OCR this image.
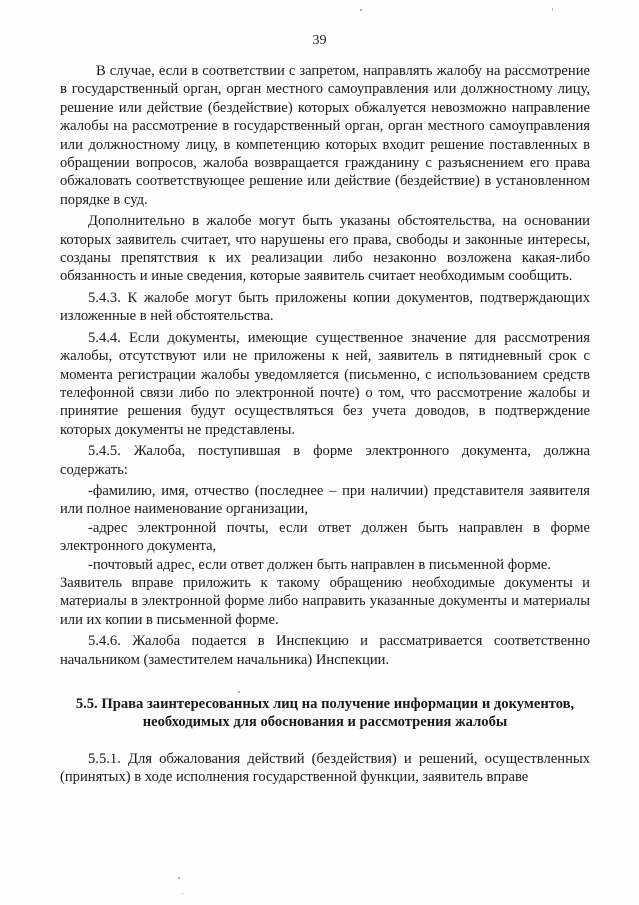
39

В случае, если в соответствии с запретом, направлять жалобу на рассмотрение в государственный орган, орган местного самоуправления или должностному лицу, решение или действие (бездействие) которых обжалуется невозможно направление жалобы на рассмотрение в государственный орган, орган местного самоуправления или должностному лицу, в компетенцию которых входит решение поставленных в обращении вопросов, жалоба возвращается гражданину с разъяснением его права обжаловать соответствующее решение или действие (бездействие) в установленном порядке в суд.

Дополнительно в жалобе могут быть указаны обстоятельства, на основании которых заявитель считает, что нарушены его права, свободы и законные интересы, созданы препятствия к их реализации либо незаконно возложена какая-либо обязанность и иные сведения, которые заявитель считает необходимым сообщить.

5.4.3. К жалобе могут быть приложены копии документов, подтверждающих изложенные в ней обстоятельства.

5.4.4. Если документы, имеющие существенное значение для рассмотрения жалобы, отсутствуют или не приложены к ней, заявитель в пятидневный срок с момента регистрации жалобы уведомляется (письменно, с использованием средств телефонной связи либо по электронной почте) о том, что рассмотрение жалобы и принятие решения будут осуществляться без учета доводов, в подтверждение которых документы не представлены.

5.4.5. Жалоба, поступившая в форме электронного документа, должна содержать:

-фамилию, имя, отчество (последнее – при наличии) представителя заявителя или полное наименование организации,

-адрес электронной почты, если ответ должен быть направлен в форме электронного документа,

-почтовый адрес, если ответ должен быть направлен в письменной форме.

Заявитель вправе приложить к такому обращению необходимые документы и материалы в электронной форме либо направить указанные документы и материалы или их копии в письменной форме.

5.4.6. Жалоба подается в Инспекцию и рассматривается соответственно начальником (заместителем начальника) Инспекции.

5.5. Права заинтересованных лиц на получение информации и документов,
необходимых для обоснования и рассмотрения жалобы

5.5.1. Для обжалования действий (бездействия) и решений, осуществленных (принятых) в ходе исполнения государственной функции, заявитель вправе
